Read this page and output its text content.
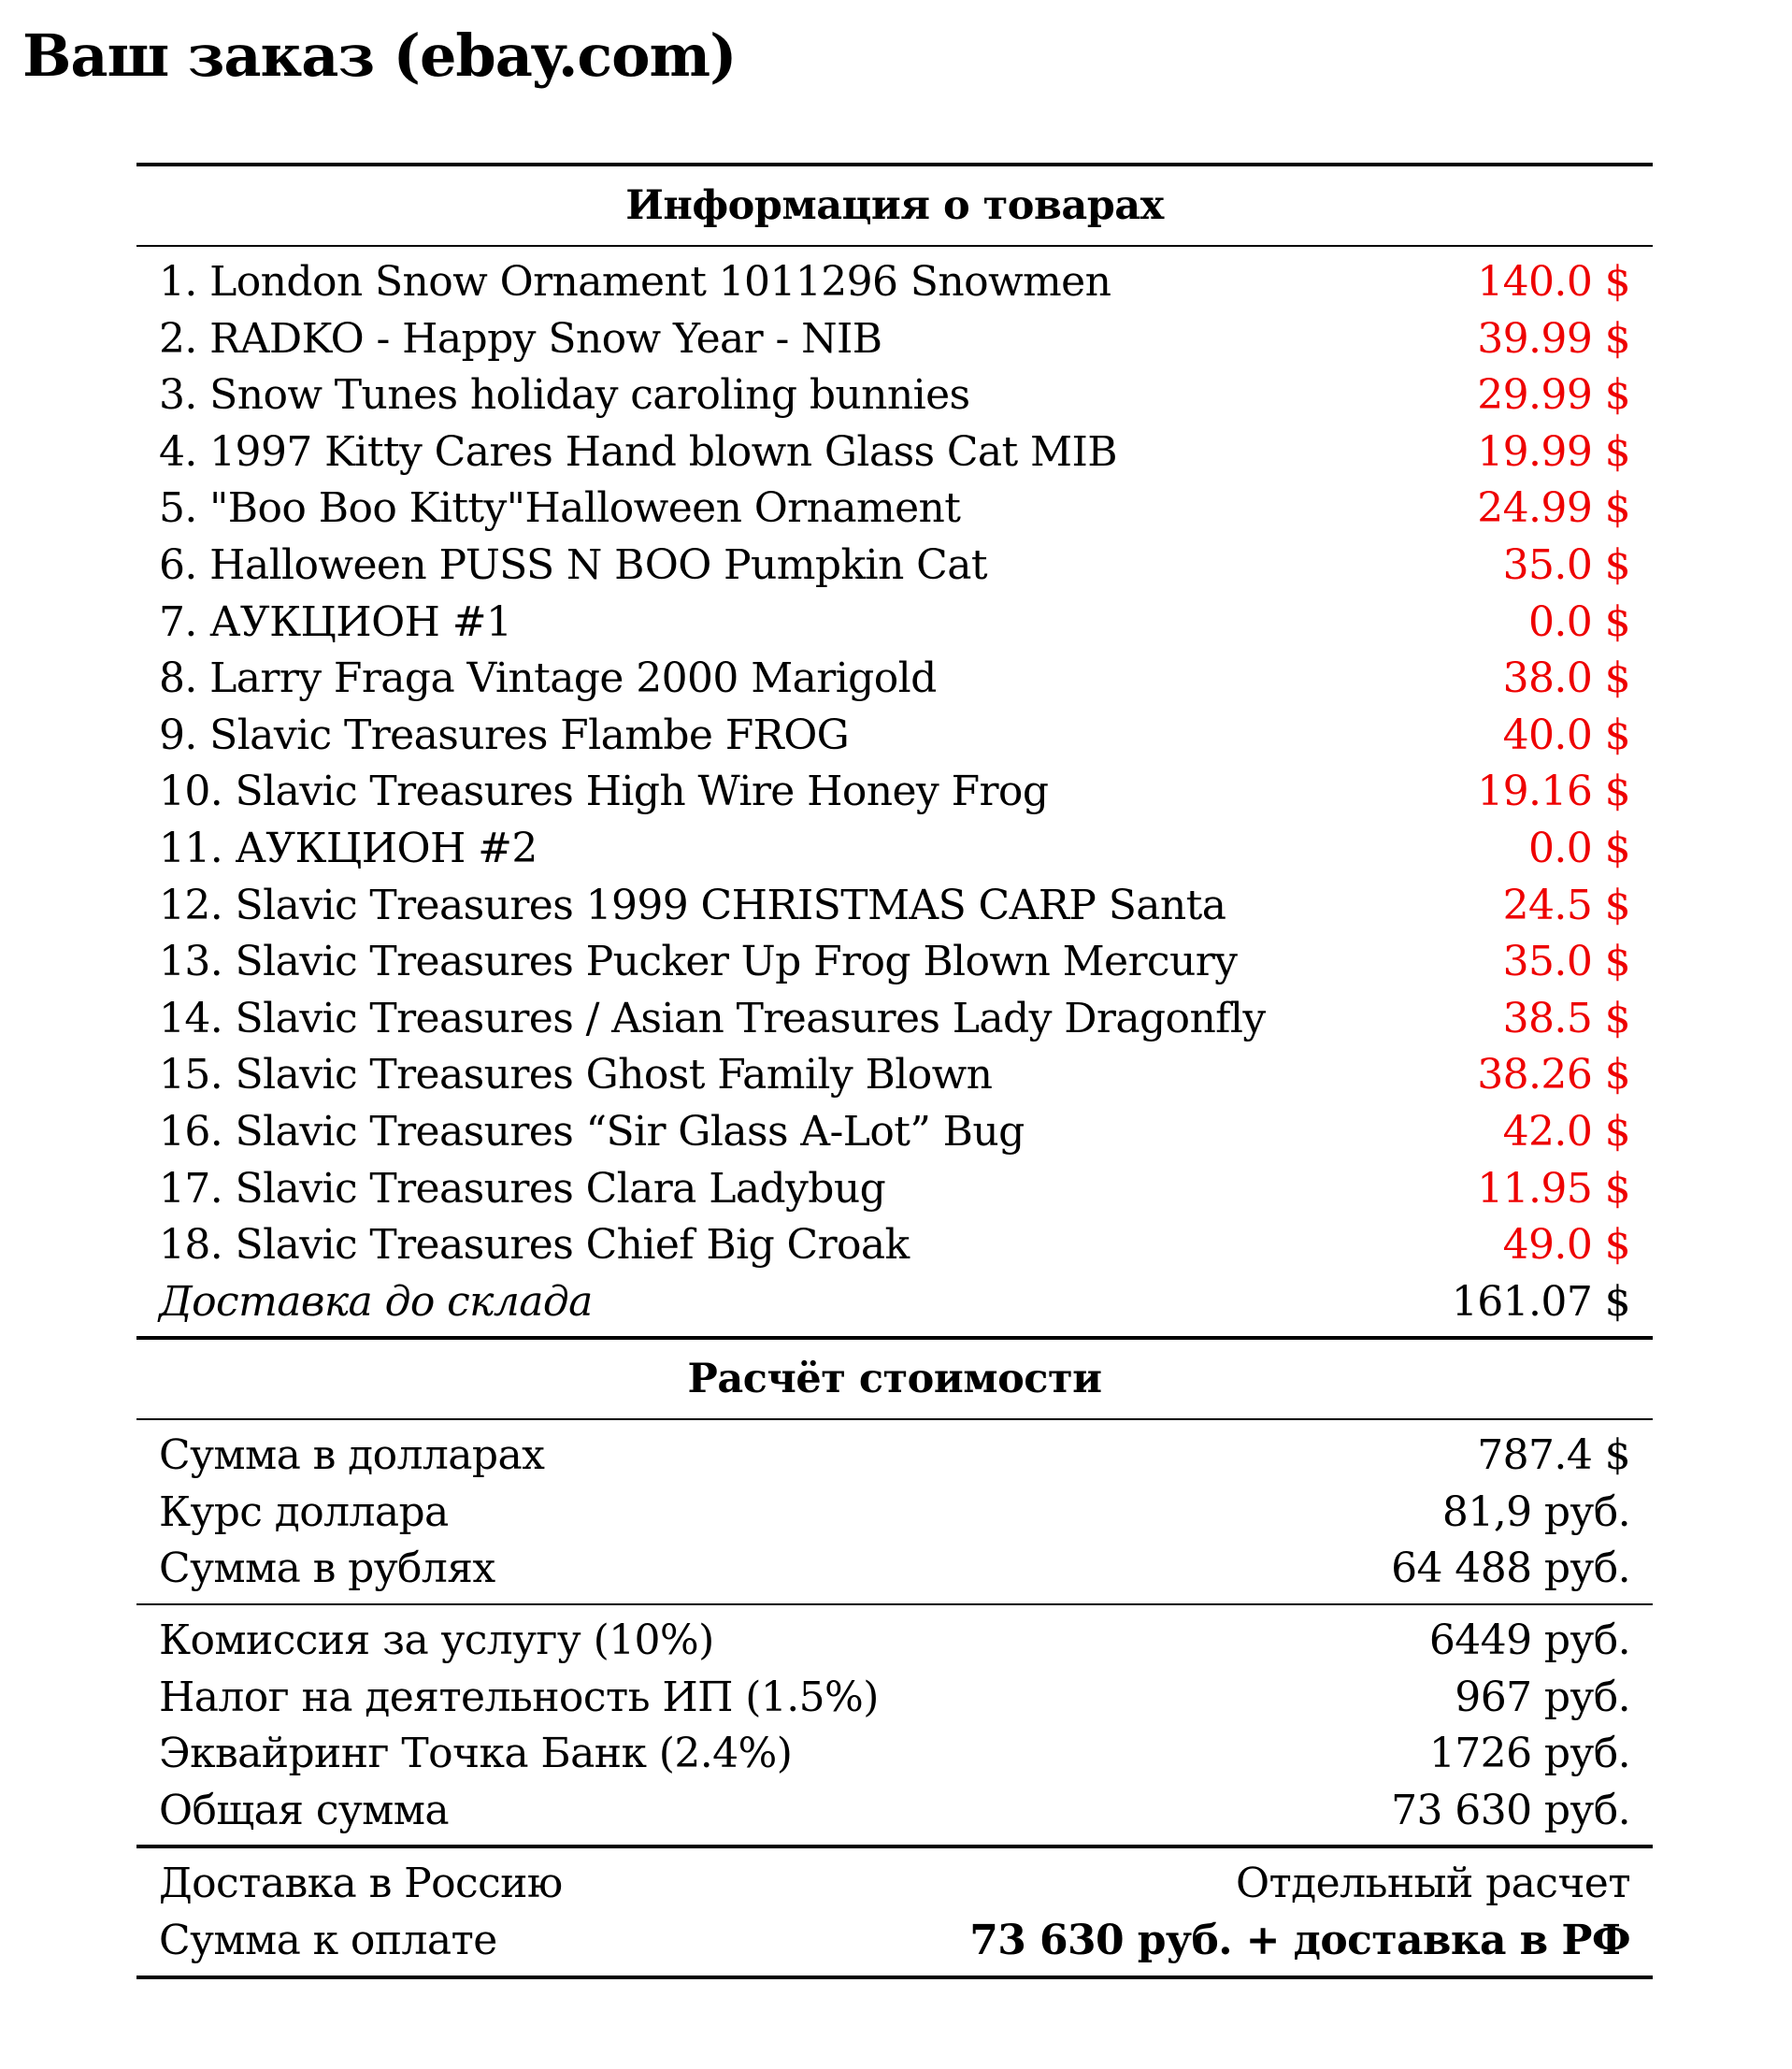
Ваш заказ (ebay.com)
Информация о товарах
1. London Snow Ornament 1011296 Snowmen	140.0 $
2. RADKO - Happy Snow Year - NIB	39.99 $
3. Snow Tunes holiday caroling bunnies	29.99 $
4. 1997 Kitty Cares Hand blown Glass Cat MIB	19.99 $
5. "Boo Boo Kitty"Halloween Ornament	24.99 $
6. Halloween PUSS N BOO Pumpkin Cat	35.0 $
7. АУКЦИОН #1	0.0 $
8. Larry Fraga Vintage 2000 Marigold	38.0 $
9. Slavic Treasures Flambe FROG	40.0 $
10. Slavic Treasures High Wire Honey Frog	19.16 $
11. АУКЦИОН #2	0.0 $
12. Slavic Treasures 1999 CHRISTMAS CARP Santa	24.5 $
13. Slavic Treasures Pucker Up Frog Blown Mercury	35.0 $
14. Slavic Treasures / Asian Treasures Lady Dragonfly	38.5 $
15. Slavic Treasures Ghost Family Blown	38.26 $
16. Slavic Treasures “Sir Glass A-Lot” Bug	42.0 $
17. Slavic Treasures Clara Ladybug	11.95 $
18. Slavic Treasures Chief Big Croak	49.0 $
Доставка до склада	161.07 $
Расчёт стоимости
Сумма в долларах	787.4 $
Курс доллара	81,9 руб.
Сумма в рублях	64 488 руб.
Комиссия за услугу (10%)	6449 руб.
Налог на деятельность ИП (1.5%)	967 руб.
Эквайринг Точка Банк (2.4%)	1726 руб.
Общая сумма	73 630 руб.
Доставка в Россию	Отдельный расчет
Сумма к оплате	73 630 руб. + доставка в РФ
